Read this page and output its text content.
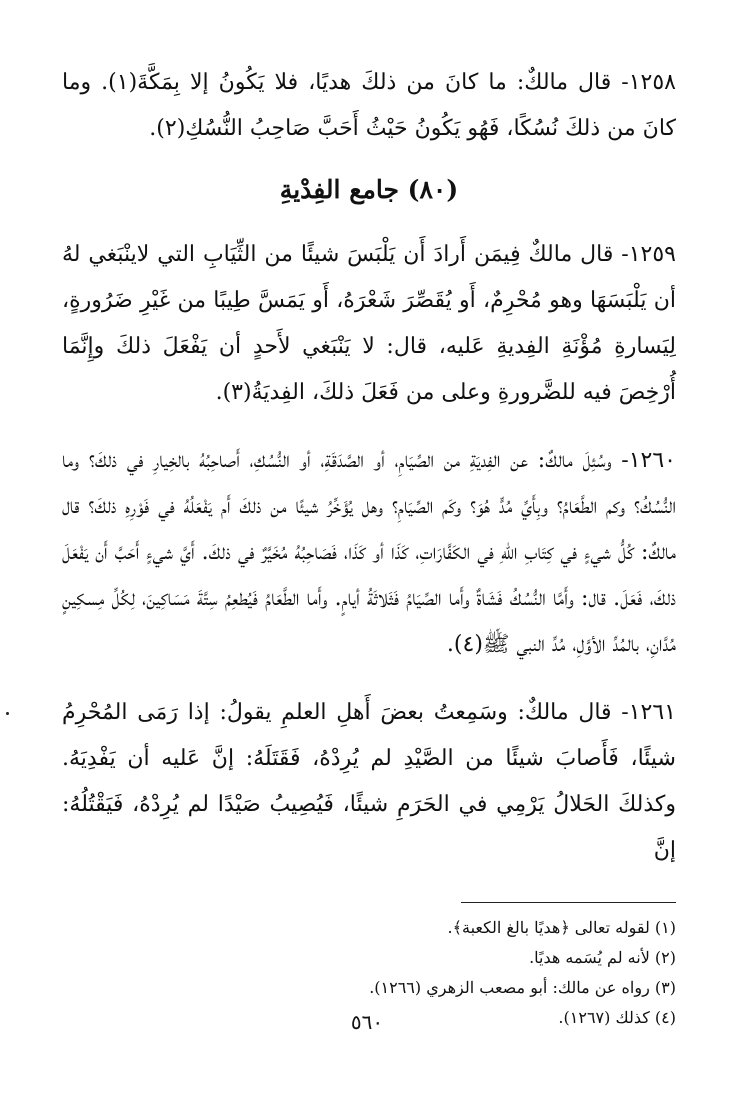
١٢٥٨- قال مالكٌ: ما كانَ من ذلكَ هديًا، فلا يَكُونُ إلا بِمَكَّةَ(١). وما كانَ من ذلكَ نُسُكًا، فَهُو يَكُونُ حَيْثُ أَحَبَّ صَاحِبُ النُّسُكِ(٢).

(٨٠) جامع الفِدْيةِ

١٢٥٩- قال مالكٌ فِيمَن أَرادَ أَن يَلْبَسَ شيئًا من الثِّيَابِ التي لاينْبَغي لهُ أن يَلْبَسَهَا وهو مُحْرِمٌ، أَو يُقَصِّرَ شَعْرَهُ، أَو يَمَسَّ طِيبًا من غَيْرِ ضَرُورةٍ، لِيَسارةِ مُؤْنَةِ الفِديةِ عَليه، قال: لا يَنْبَغي لأَحدٍ أن يَفْعَلَ ذلكَ وإِنَّمَا أُرْخِصَ فيه للضَّرورةِ وعلى من فَعَلَ ذلكَ، الفِديَةُ(٣).

١٢٦٠- وسُئِلَ مالكٌ: عن الفِديَةِ من الصِّيَامِ، أو الصَّدَقَةِ، أو النُّسُكِ، أَصاحِبُهُ بالخِيارِ في ذلكَ؟ وما النُّسُكُ؟ وكم الطَّعَامُ؟ وبِأَيِّ مُدٍّ هُوَ؟ وكَم الصِّيَامِ؟ وهل يُؤَخِّرُ شيئًا من ذلكَ أَم يَفْعَلُهُ في فَوْرِهِ ذلكَ؟ قال مالكٌ: كُلُّ شيءٍ في كِتَابِ اللهِ في الكَفَّارَاتِ، كَذَا أو كَذَا، فَصَاحِبُهُ مُخَيَّرٌ في ذلكَ. أَيَّ شيءٍ أَحَبَّ أَن يَفْعَلَ ذلكَ، فَعَلَ. قال: وأَمَّا النُّسُكُ فَشَاةٌ وأَما الصِّيَامُ فَثَلاثَةُ أيامٍ. وأَما الطَّعَامُ فَيُطعِمُ سِتَّةَ مَسَاكِينَ، لِكُلِّ مِسكِينٍ مُدَّانِ، بالمُدِّ الأوَّلِ، مُدِّ النبي ﷺ(٤).

١٢٦١- قال مالكٌ: وسَمِعتُ بعضَ أَهلِ العلمِ يقولُ: إذا رَمَى المُحْرِمُ شيئًا، فَأَصابَ شيئًا من الصَّيْدِ لم يُرِدْهُ، فَقَتَلَهُ: إنَّ عَليه أن يَفْدِيَهُ. وكذلكَ الحَلالُ يَرْمِي في الحَرَمِ شيئًا، فَيُصِيبُ صَيْدًا لم يُرِدْهُ، فَيَقْتُلُهُ: إنَّ

(١) لقوله تعالى ﴿هديًا بالغ الكعبة﴾.
(٢) لأنه لم يُسَمه هديًا.
(٣) رواه عن مالك: أبو مصعب الزهري (١٢٦٦).
(٤) كذلك (١٢٦٧).
٥٦٠
